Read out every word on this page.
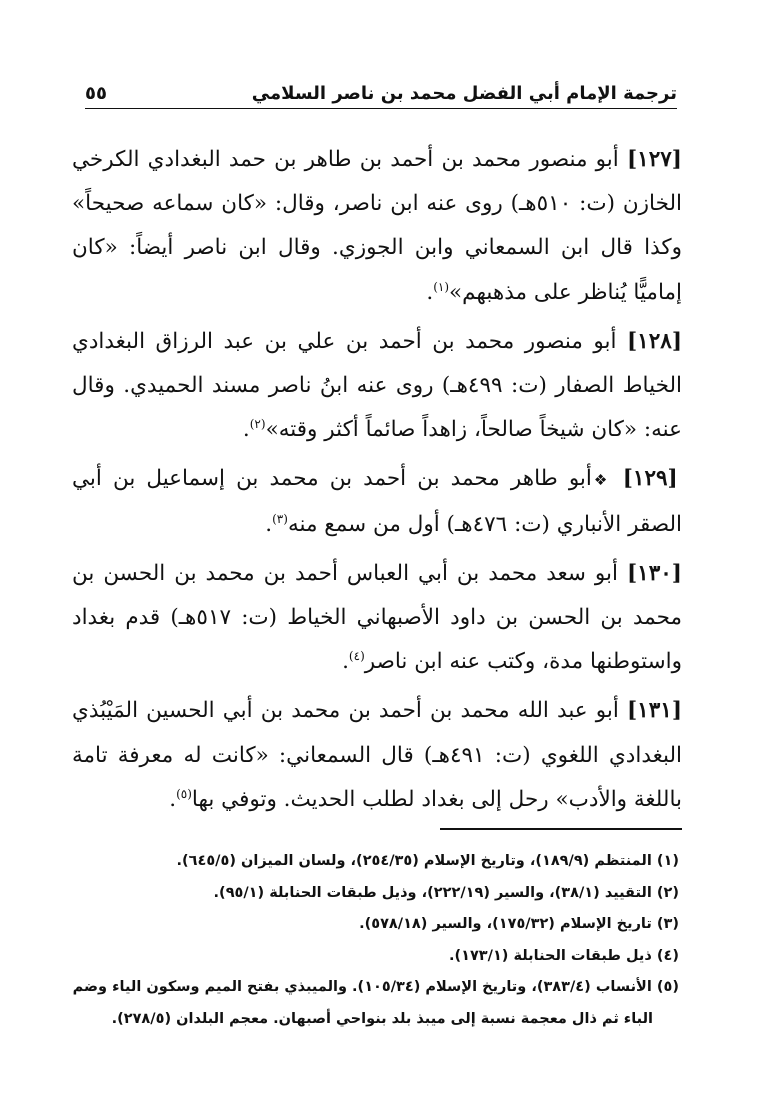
ترجمة الإمام أبي الفضل محمد بن ناصر السلامي
٥٥

[١٢٧] أبو منصور محمد بن أحمد بن طاهر بن حمد البغدادي الكرخي الخازن (ت: ٥١٠هـ) روى عنه ابن ناصر، وقال: «كان سماعه صحيحاً» وكذا قال ابن السمعاني وابن الجوزي. وقال ابن ناصر أيضاً: «كان إماميًّا يُناظر على مذهبهم»$^{(١)}$.

[١٢٨] أبو منصور محمد بن أحمد بن علي بن عبد الرزاق البغدادي الخياط الصفار (ت: ٤٩٩هـ) روى عنه ابنُ ناصر مسند الحميدي. وقال عنه: «كان شيخاً صالحاً، زاهداً صائماً أكثر وقته»$^{(٢)}$.

[١٢٩] ❖أبو طاهر محمد بن أحمد بن محمد بن إسماعيل بن أبي الصقر الأنباري (ت: ٤٧٦هـ) أول من سمع منه$^{(٣)}$.

[١٣٠] أبو سعد محمد بن أبي العباس أحمد بن محمد بن الحسن بن محمد بن الحسن بن داود الأصبهاني الخياط (ت: ٥١٧هـ) قدم بغداد واستوطنها مدة، وكتب عنه ابن ناصر$^{(٤)}$.

[١٣١] أبو عبد الله محمد بن أحمد بن محمد بن أبي الحسين المَيْبُذي البغدادي اللغوي (ت: ٤٩١هـ) قال السمعاني: «كانت له معرفة تامة باللغة والأدب» رحل إلى بغداد لطلب الحديث. وتوفي بها$^{(٥)}$.

(١) المنتظم (١٨٩/٩)، وتاريخ الإسلام (٢٥٤/٣٥)، ولسان الميزان (٦٤٥/٥).
(٢) التقييد (٣٨/١)، والسير (٢٢٢/١٩)، وذيل طبقات الحنابلة (٩٥/١).
(٣) تاريخ الإسلام (١٧٥/٣٢)، والسير (٥٧٨/١٨).
(٤) ذيل طبقات الحنابلة (١٧٣/١).
(٥) الأنساب (٣٨٣/٤)، وتاريخ الإسلام (١٠٥/٣٤). والميبذي بفتح الميم وسكون الياء وضم
الباء ثم ذال معجمة نسبة إلى ميبذ بلد بنواحي أصبهان. معجم البلدان (٢٧٨/٥).
